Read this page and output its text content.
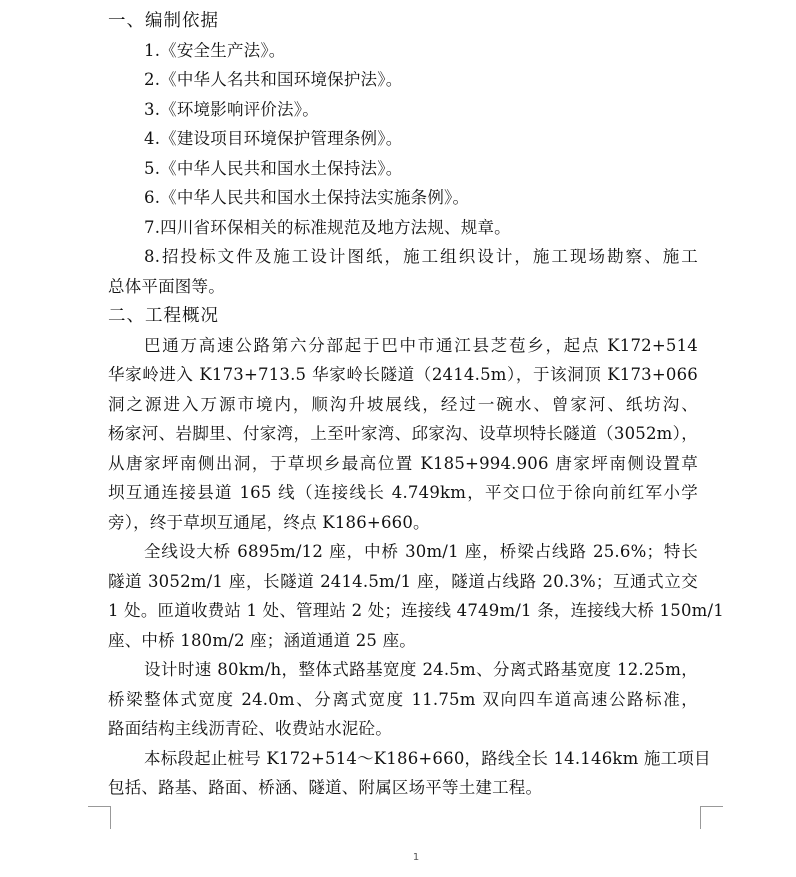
一、编制依据
1.《安全生产法》。
2.《中华人名共和国环境保护法》。
3.《环境影响评价法》。
4.《建设项目环境保护管理条例》。
5.《中华人民共和国水土保持法》。
6.《中华人民共和国水土保持法实施条例》。
7.四川省环保相关的标准规范及地方法规、规章。
8.招投标文件及施工设计图纸，施工组织设计，施工现场勘察、施工
总体平面图等。
二、工程概况
巴通万高速公路第六分部起于巴中市通江县芝苞乡，起点 K172+514
华家岭进入 K173+713.5 华家岭长隧道（2414.5m），于该洞顶 K173+066
洞之源进入万源市境内，顺沟升坡展线，经过一碗水、曾家河、纸坊沟、
杨家河、岩脚里、付家湾，上至叶家湾、邱家沟、设草坝特长隧道（3052m），
从唐家坪南侧出洞，于草坝乡最高位置 K185+994.906 唐家坪南侧设置草
坝互通连接县道 165 线（连接线长 4.749km，平交口位于徐向前红军小学
旁），终于草坝互通尾，终点 K186+660。
全线设大桥 6895m/12 座，中桥 30m/1 座，桥梁占线路 25.6%；特长
隧道 3052m/1 座，长隧道 2414.5m/1 座，隧道占线路 20.3%；互通式立交
1 处。匝道收费站 1 处、管理站 2 处；连接线 4749m/1 条，连接线大桥 150m/1
座、中桥 180m/2 座；涵道通道 25 座。
设计时速 80km/h，整体式路基宽度 24.5m、分离式路基宽度 12.25m，
桥梁整体式宽度 24.0m、分离式宽度 11.75m 双向四车道高速公路标准，
路面结构主线沥青砼、收费站水泥砼。
本标段起止桩号 K172+514～K186+660，路线全长 14.146km 施工项目
包括、路基、路面、桥涵、隧道、附属区场平等土建工程。
1
